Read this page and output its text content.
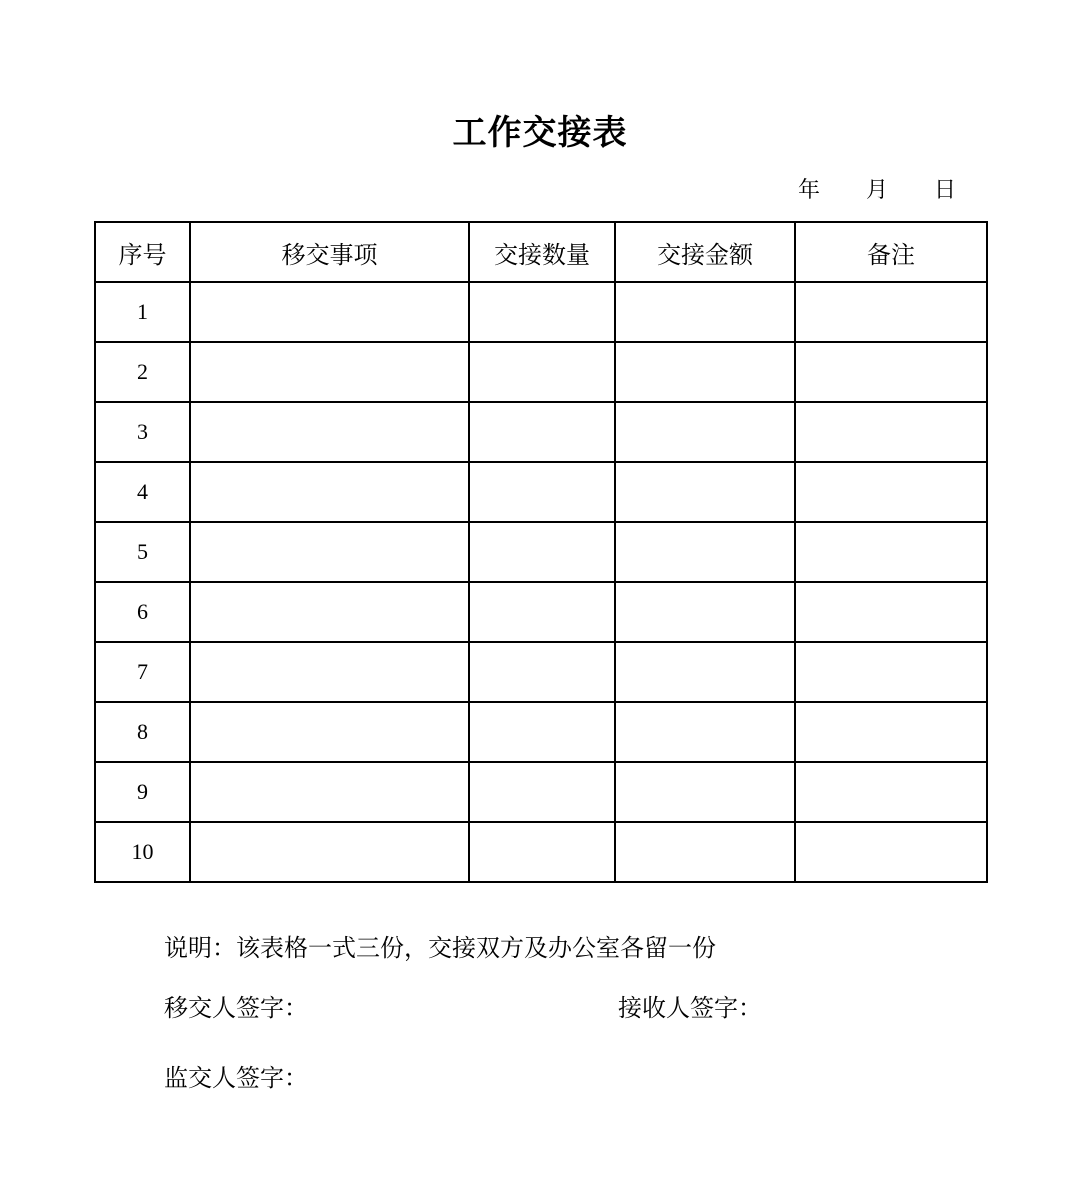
工作交接表
年 月 日
序号	移交事项	交接数量	交接金额	备注
1				
2				
3				
4				
5				
6				
7				
8				
9				
10				
说明：该表格一式三份，交接双方及办公室各留一份
移交人签字：	接收人签字：
监交人签字：
